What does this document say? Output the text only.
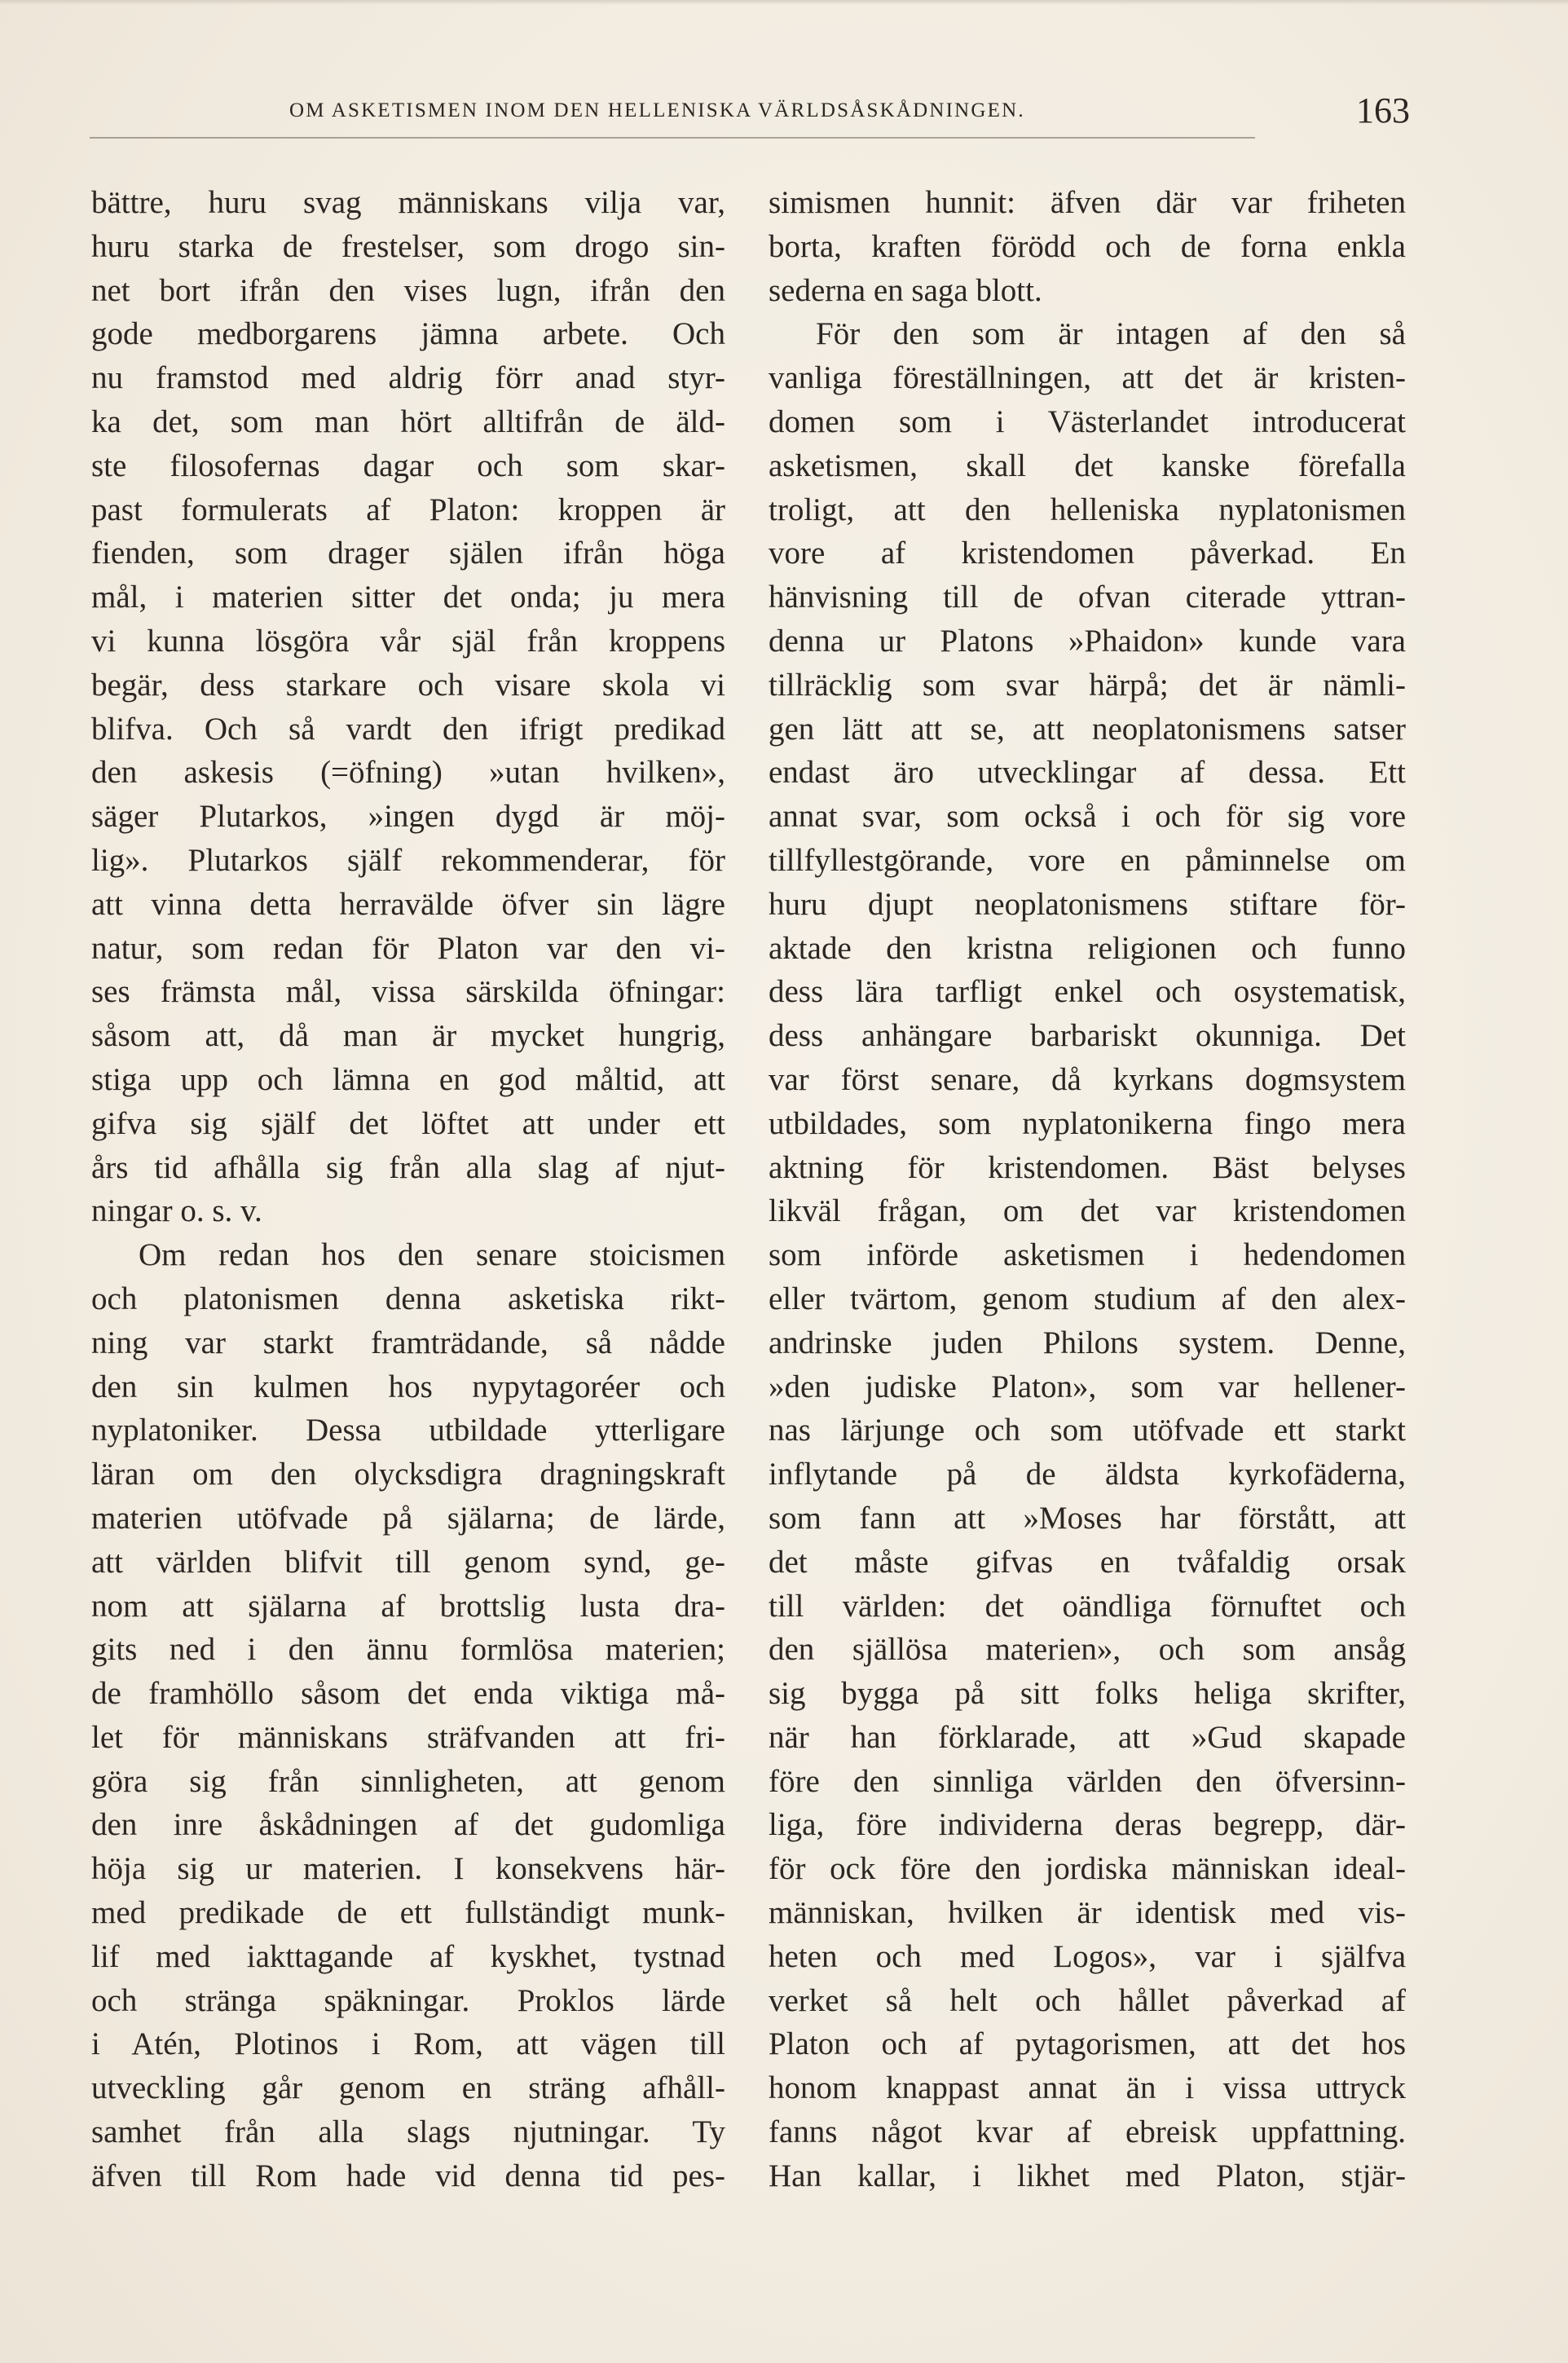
OM ASKETISMEN INOM DEN HELLENISKA VÄRLDSÅSKÅDNINGEN.	163
bättre, huru svag människans vilja var,
huru starka de frestelser, som drogo sin-
net bort ifrån den vises lugn, ifrån den
gode medborgarens jämna arbete. Och
nu framstod med aldrig förr anad styr-
ka det, som man hört alltifrån de äld-
ste filosofernas dagar och som skar-
past formulerats af Platon: kroppen är
fienden, som drager själen ifrån höga
mål, i materien sitter det onda; ju mera
vi kunna lösgöra vår själ från kroppens
begär, dess starkare och visare skola vi
blifva. Och så vardt den ifrigt predikad
den askesis (=öfning) »utan hvilken»,
säger Plutarkos, »ingen dygd är möj-
lig». Plutarkos själf rekommenderar, för
att vinna detta herravälde öfver sin lägre
natur, som redan för Platon var den vi-
ses främsta mål, vissa särskilda öfningar:
såsom att, då man är mycket hungrig,
stiga upp och lämna en god måltid, att
gifva sig själf det löftet att under ett
års tid afhålla sig från alla slag af njut-
ningar o. s. v.
Om redan hos den senare stoicismen
och platonismen denna asketiska rikt-
ning var starkt framträdande, så nådde
den sin kulmen hos nypytagoréer och
nyplatoniker. Dessa utbildade ytterligare
läran om den olycksdigra dragningskraft
materien utöfvade på själarna; de lärde,
att världen blifvit till genom synd, ge-
nom att själarna af brottslig lusta dra-
gits ned i den ännu formlösa materien;
de framhöllo såsom det enda viktiga må-
let för människans sträfvanden att fri-
göra sig från sinnligheten, att genom
den inre åskådningen af det gudomliga
höja sig ur materien. I konsekvens här-
med predikade de ett fullständigt munk-
lif med iakttagande af kyskhet, tystnad
och stränga späkningar. Proklos lärde
i Atén, Plotinos i Rom, att vägen till
utveckling går genom en sträng afhåll-
samhet från alla slags njutningar. Ty
äfven till Rom hade vid denna tid pes-
simismen hunnit: äfven där var friheten
borta, kraften förödd och de forna enkla
sederna en saga blott.
För den som är intagen af den så
vanliga föreställningen, att det är kristen-
domen som i Västerlandet introducerat
asketismen, skall det kanske förefalla
troligt, att den helleniska nyplatonismen
vore af kristendomen påverkad. En
hänvisning till de ofvan citerade yttran-
denna ur Platons »Phaidon» kunde vara
tillräcklig som svar härpå; det är nämli-
gen lätt att se, att neoplatonismens satser
endast äro utvecklingar af dessa. Ett
annat svar, som också i och för sig vore
tillfyllestgörande, vore en påminnelse om
huru djupt neoplatonismens stiftare för-
aktade den kristna religionen och funno
dess lära tarfligt enkel och osystematisk,
dess anhängare barbariskt okunniga. Det
var först senare, då kyrkans dogmsystem
utbildades, som nyplatonikerna fingo mera
aktning för kristendomen. Bäst belyses
likväl frågan, om det var kristendomen
som införde asketismen i hedendomen
eller tvärtom, genom studium af den alex-
andrinske juden Philons system. Denne,
»den judiske Platon», som var hellener-
nas lärjunge och som utöfvade ett starkt
inflytande på de äldsta kyrkofäderna,
som fann att »Moses har förstått, att
det måste gifvas en tvåfaldig orsak
till världen: det oändliga förnuftet och
den själlösa materien», och som ansåg
sig bygga på sitt folks heliga skrifter,
när han förklarade, att »Gud skapade
före den sinnliga världen den öfversinn-
liga, före individerna deras begrepp, där-
för ock före den jordiska människan ideal-
människan, hvilken är identisk med vis-
heten och med Logos», var i själfva
verket så helt och hållet påverkad af
Platon och af pytagorismen, att det hos
honom knappast annat än i vissa uttryck
fanns något kvar af ebreisk uppfattning.
Han kallar, i likhet med Platon, stjär-
